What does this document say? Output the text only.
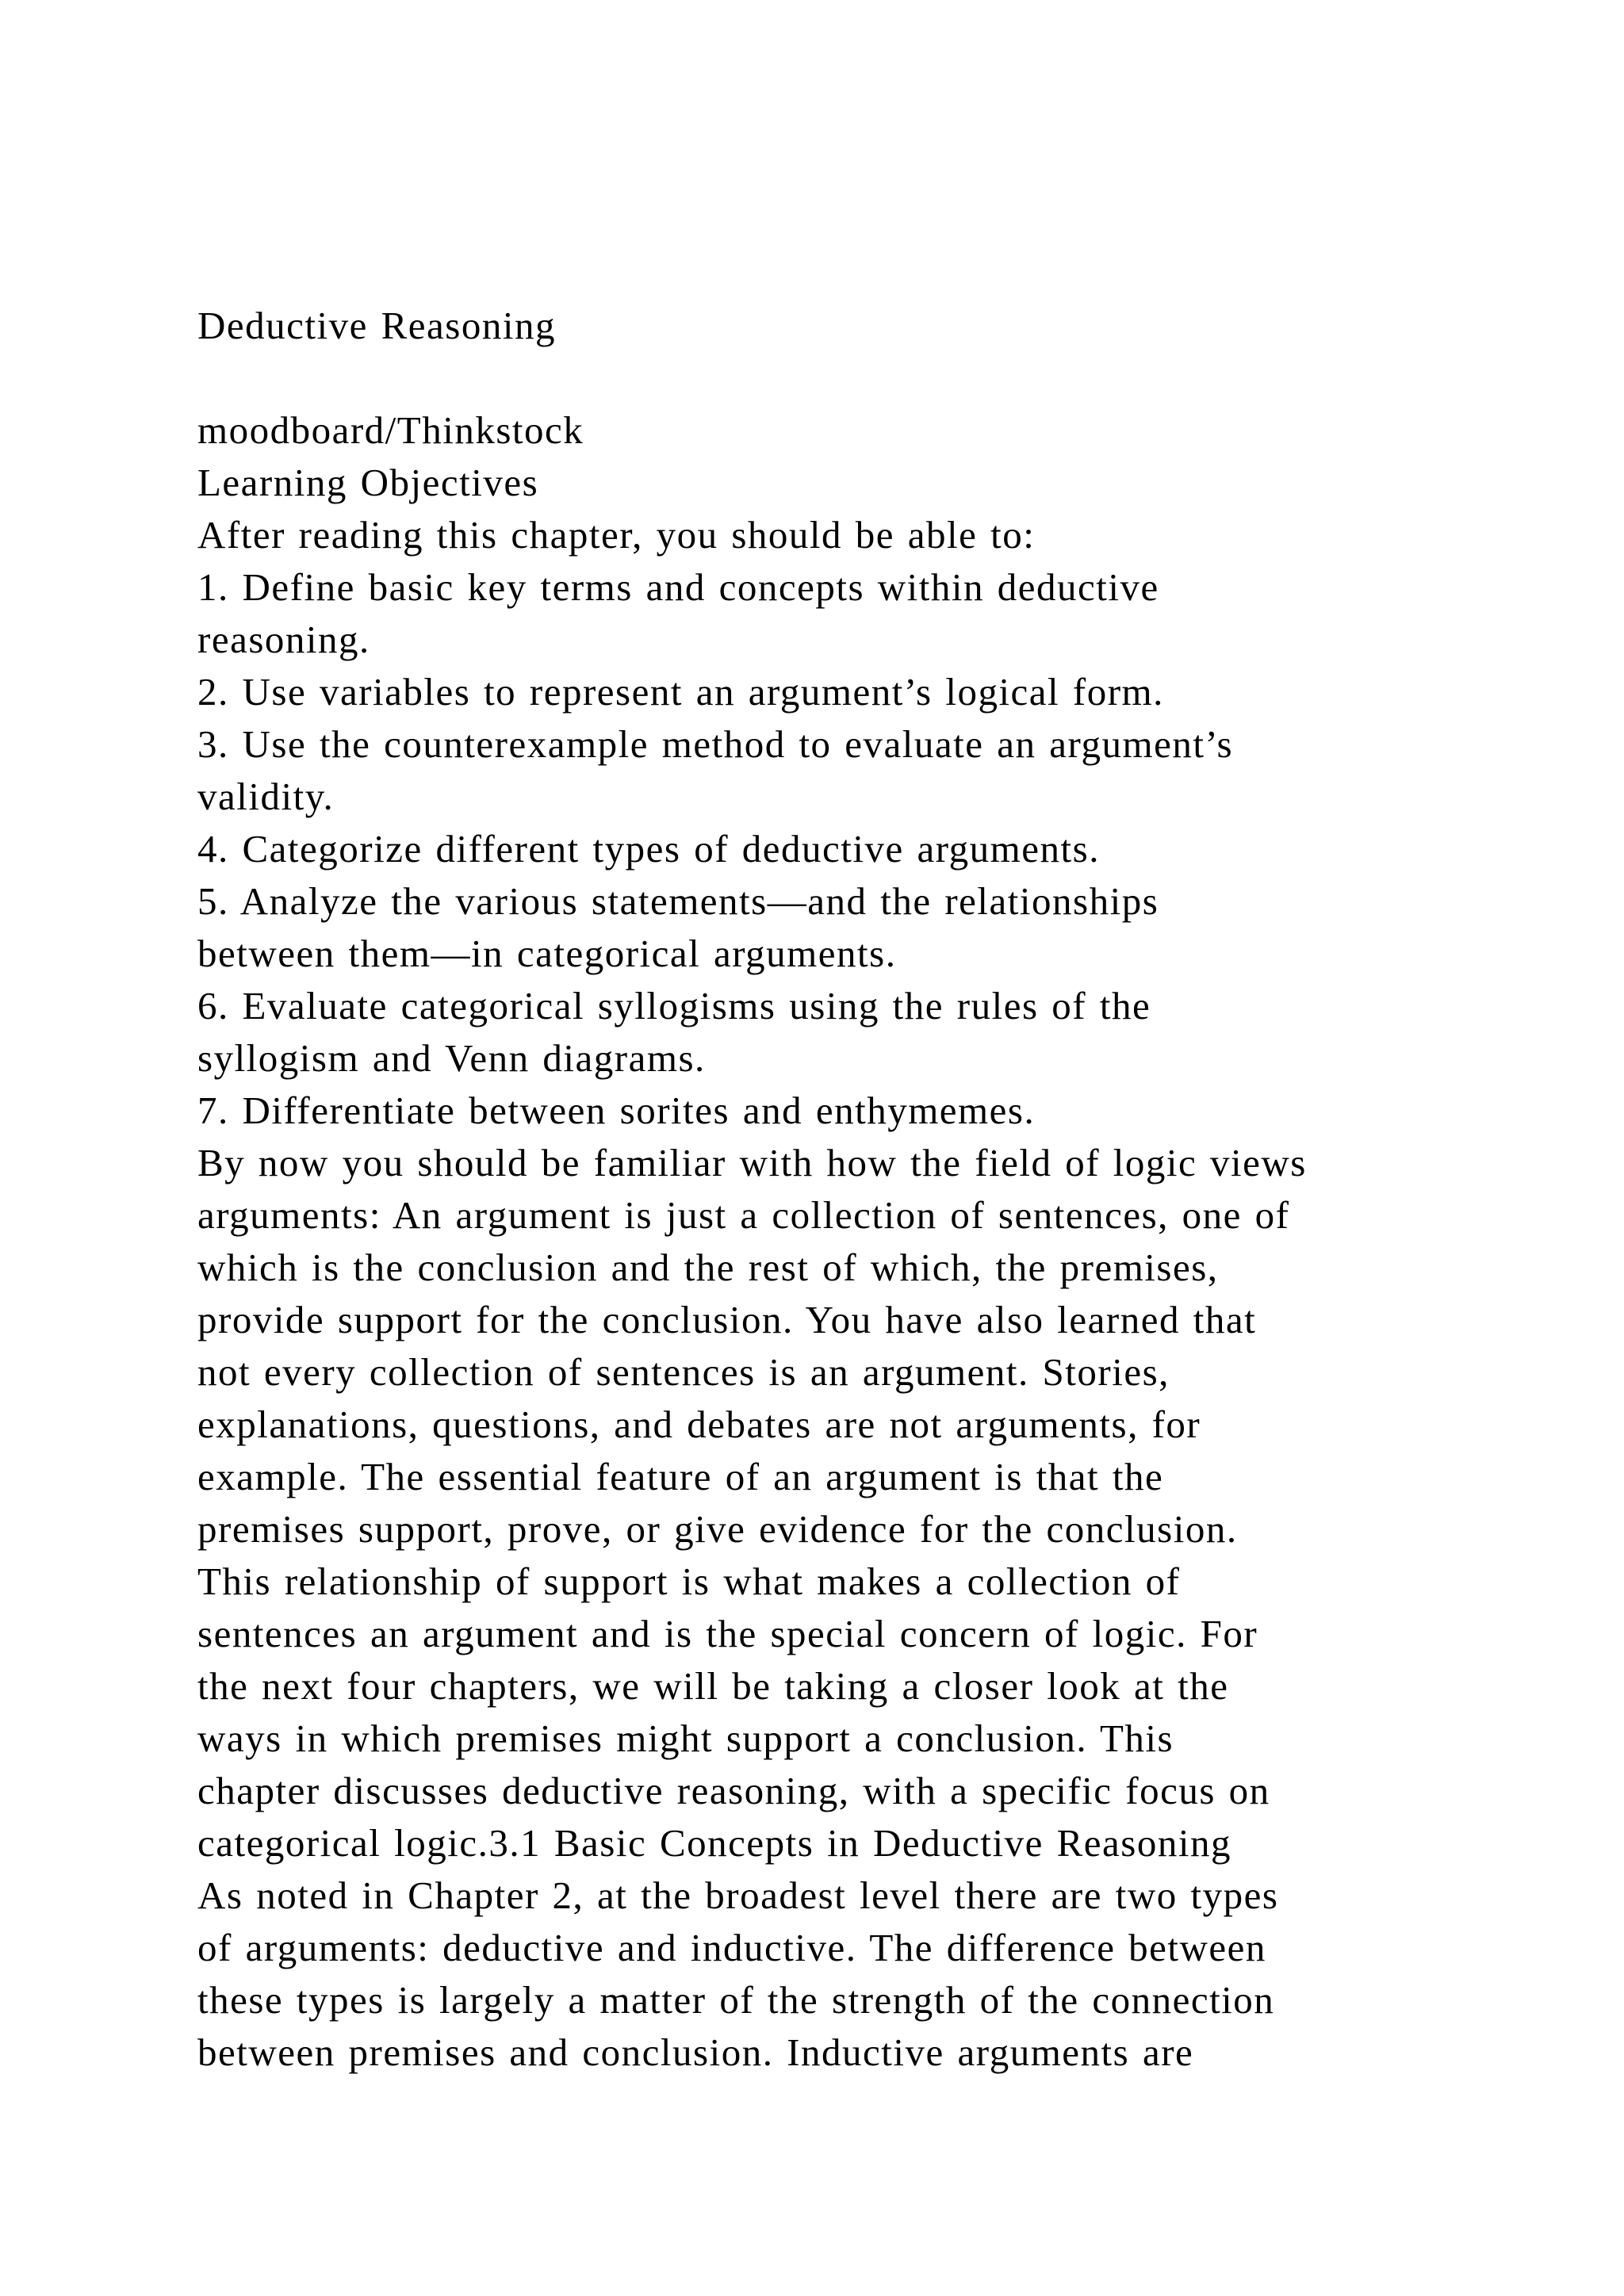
Deductive Reasoning
moodboard/Thinkstock
Learning Objectives
After reading this chapter, you should be able to:
1. Define basic key terms and concepts within deductive
reasoning.
2. Use variables to represent an argument’s logical form.
3. Use the counterexample method to evaluate an argument’s
validity.
4. Categorize different types of deductive arguments.
5. Analyze the various statements—and the relationships
between them—in categorical arguments.
6. Evaluate categorical syllogisms using the rules of the
syllogism and Venn diagrams.
7. Differentiate between sorites and enthymemes.
By now you should be familiar with how the field of logic views
arguments: An argument is just a collection of sentences, one of
which is the conclusion and the rest of which, the premises,
provide support for the conclusion. You have also learned that
not every collection of sentences is an argument. Stories,
explanations, questions, and debates are not arguments, for
example. The essential feature of an argument is that the
premises support, prove, or give evidence for the conclusion.
This relationship of support is what makes a collection of
sentences an argument and is the special concern of logic. For
the next four chapters, we will be taking a closer look at the
ways in which premises might support a conclusion. This
chapter discusses deductive reasoning, with a specific focus on
categorical logic.3.1 Basic Concepts in Deductive Reasoning
As noted in Chapter 2, at the broadest level there are two types
of arguments: deductive and inductive. The difference between
these types is largely a matter of the strength of the connection
between premises and conclusion. Inductive arguments are
